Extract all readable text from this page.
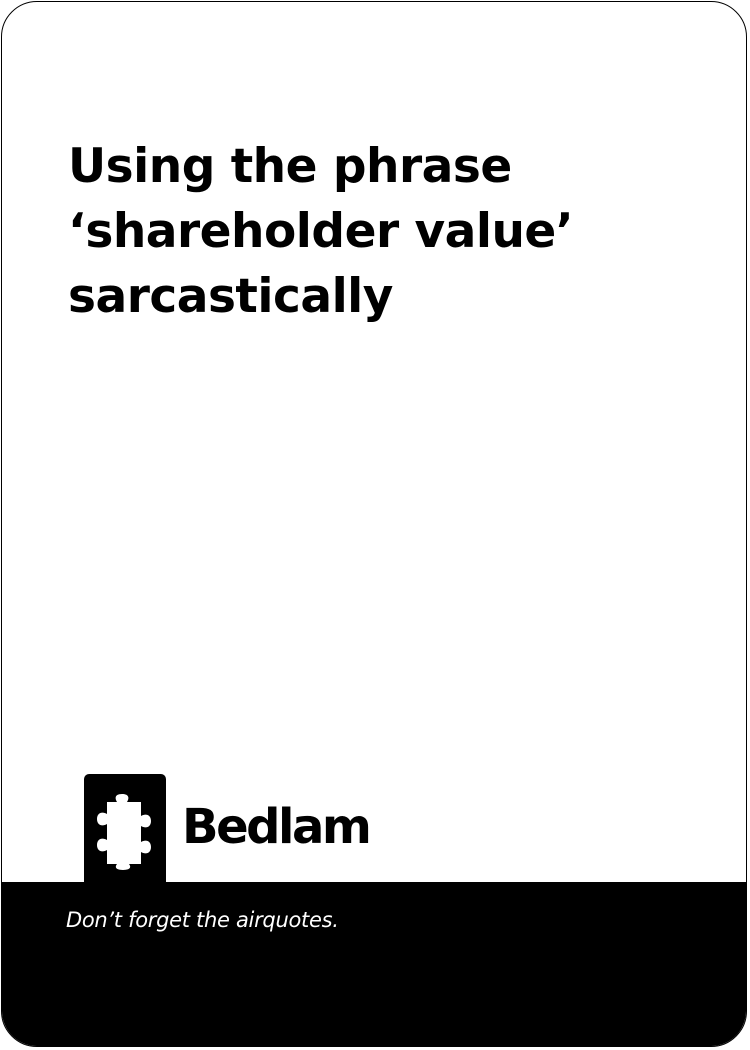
Using the phrase
‘shareholder value’
sarcastically
Bedlam
Don’t forget the airquotes.
